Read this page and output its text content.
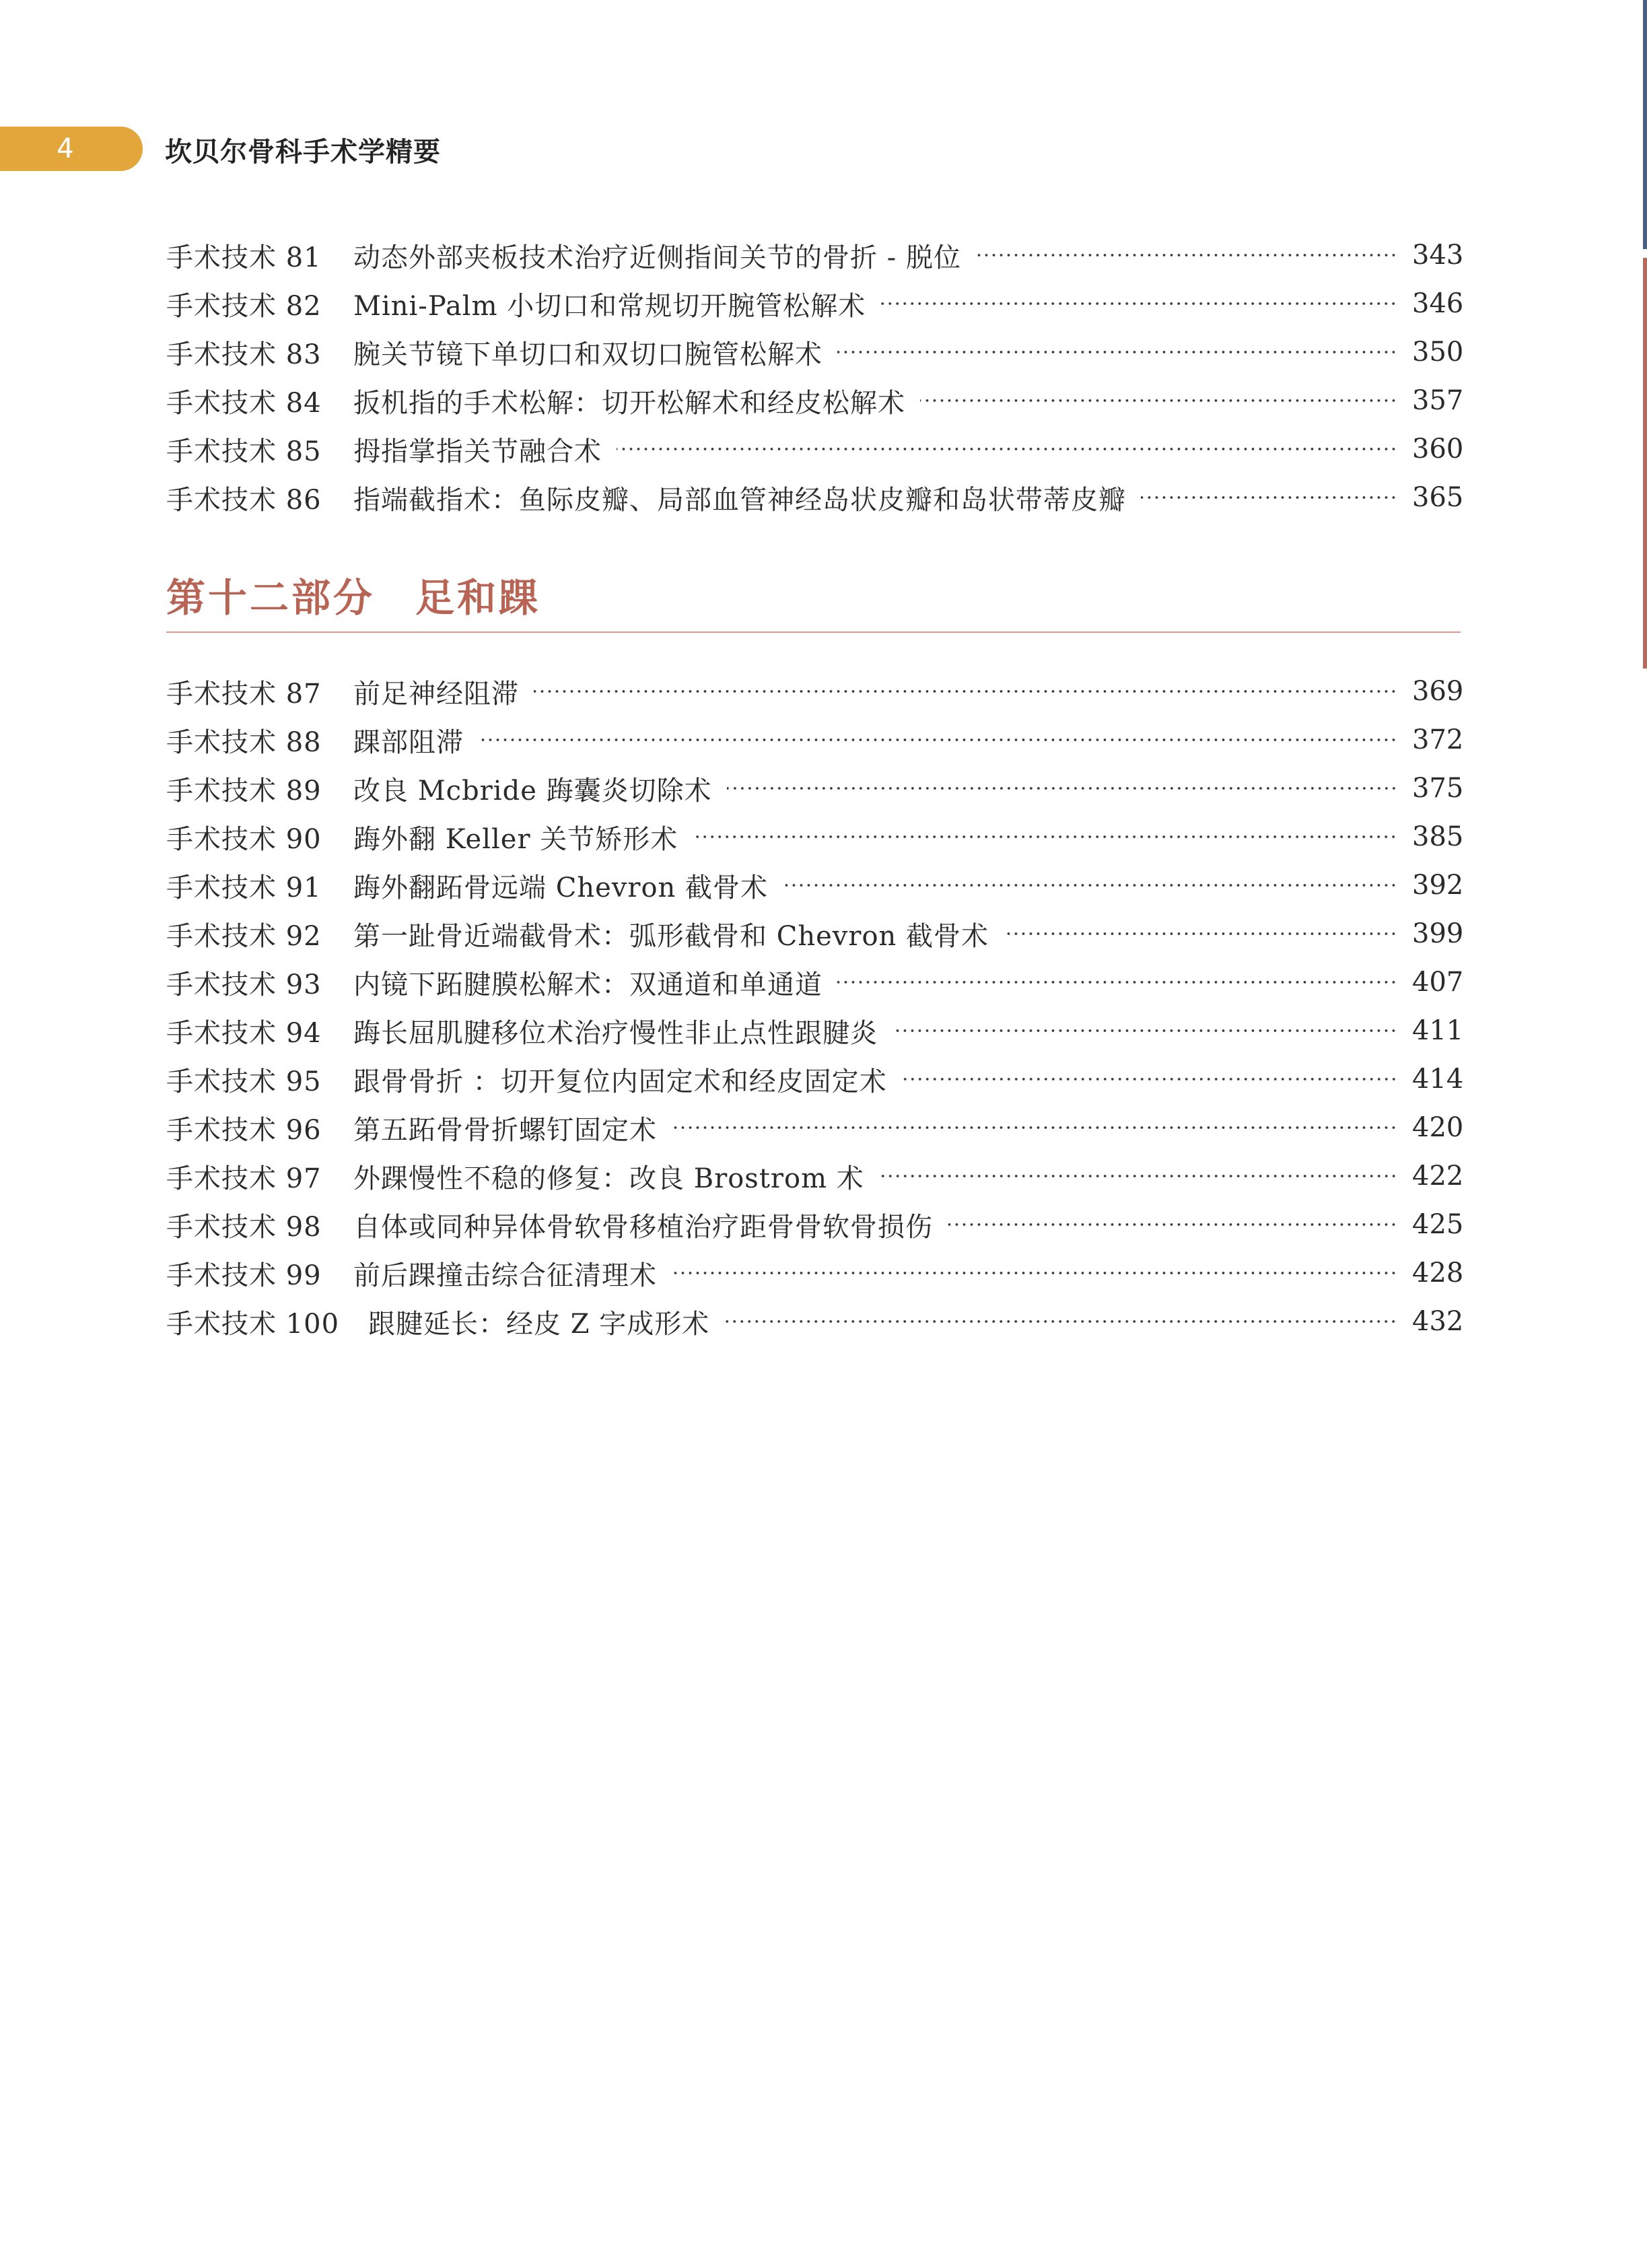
4	坎贝尔骨科手术学精要
手术技术 81	动态外部夹板技术治疗近侧指间关节的骨折 - 脱位	343
手术技术 82	Mini-Palm 小切口和常规切开腕管松解术	346
手术技术 83	腕关节镜下单切口和双切口腕管松解术	350
手术技术 84	扳机指的手术松解：切开松解术和经皮松解术	357
手术技术 85	拇指掌指关节融合术	360
手术技术 86	指端截指术：鱼际皮瓣、局部血管神经岛状皮瓣和岛状带蒂皮瓣	365
第十二部分 足和踝
手术技术 87	前足神经阻滞	369
手术技术 88	踝部阻滞	372
手术技术 89	改良 Mcbride 踇囊炎切除术	375
手术技术 90	踇外翻 Keller 关节矫形术	385
手术技术 91	踇外翻跖骨远端 Chevron 截骨术	392
手术技术 92	第一趾骨近端截骨术：弧形截骨和 Chevron 截骨术	399
手术技术 93	内镜下跖腱膜松解术：双通道和单通道	407
手术技术 94	踇长屈肌腱移位术治疗慢性非止点性跟腱炎	411
手术技术 95	跟骨骨折 ：切开复位内固定术和经皮固定术	414
手术技术 96	第五跖骨骨折螺钉固定术	420
手术技术 97	外踝慢性不稳的修复：改良 Brostrom 术	422
手术技术 98	自体或同种异体骨软骨移植治疗距骨骨软骨损伤	425
手术技术 99	前后踝撞击综合征清理术	428
手术技术 100	跟腱延长：经皮 Z 字成形术	432
